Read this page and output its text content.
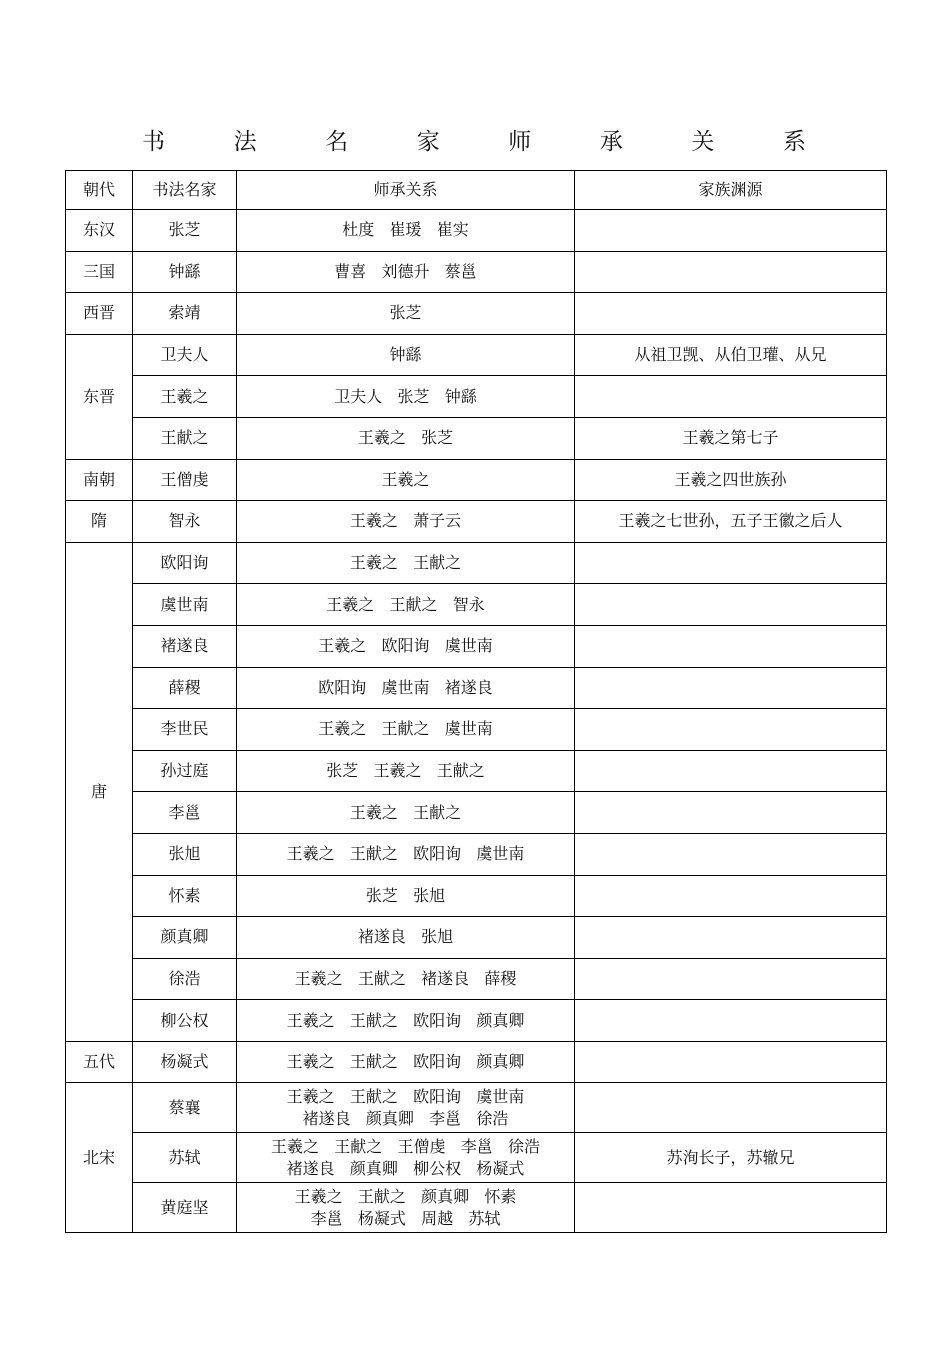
书	法	名	家	师	承	关	系
朝代	书法名家	师承关系	家族渊源
东汉	张芝	杜度   崔瑗   崔实	
三国	钟繇	曹喜   刘德升   蔡邕	
西晋	索靖	张芝	
东晋	卫夫人	钟繇	从祖卫觊、从伯卫瓘、从兄
	王羲之	卫夫人   张芝   钟繇	
	王献之	王羲之   张芝	王羲之第七子
南朝	王僧虔	王羲之	王羲之四世族孙
隋	智永	王羲之   萧子云	王羲之七世孙，五子王徽之后人
唐	欧阳询	王羲之   王献之	
	虞世南	王羲之   王献之   智永	
	褚遂良	王羲之   欧阳询   虞世南	
	薛稷	欧阳询   虞世南   褚遂良	
	李世民	王羲之   王献之   虞世南	
	孙过庭	张芝   王羲之   王献之	
	李邕	王羲之   王献之	
	张旭	王羲之   王献之   欧阳询   虞世南	
	怀素	张芝   张旭	
	颜真卿	褚遂良   张旭	
	徐浩	王羲之   王献之   褚遂良   薛稷	
	柳公权	王羲之   王献之   欧阳询   颜真卿	
五代	杨凝式	王羲之   王献之   欧阳询   颜真卿	
北宋	蔡襄	王羲之   王献之   欧阳询   虞世南
褚遂良   颜真卿   李邕   徐浩	
	苏轼	王羲之   王献之   王僧虔   李邕   徐浩
褚遂良   颜真卿   柳公权   杨凝式	苏洵长子，苏辙兄
	黄庭坚	王羲之   王献之   颜真卿   怀素
李邕   杨凝式   周越   苏轼	
